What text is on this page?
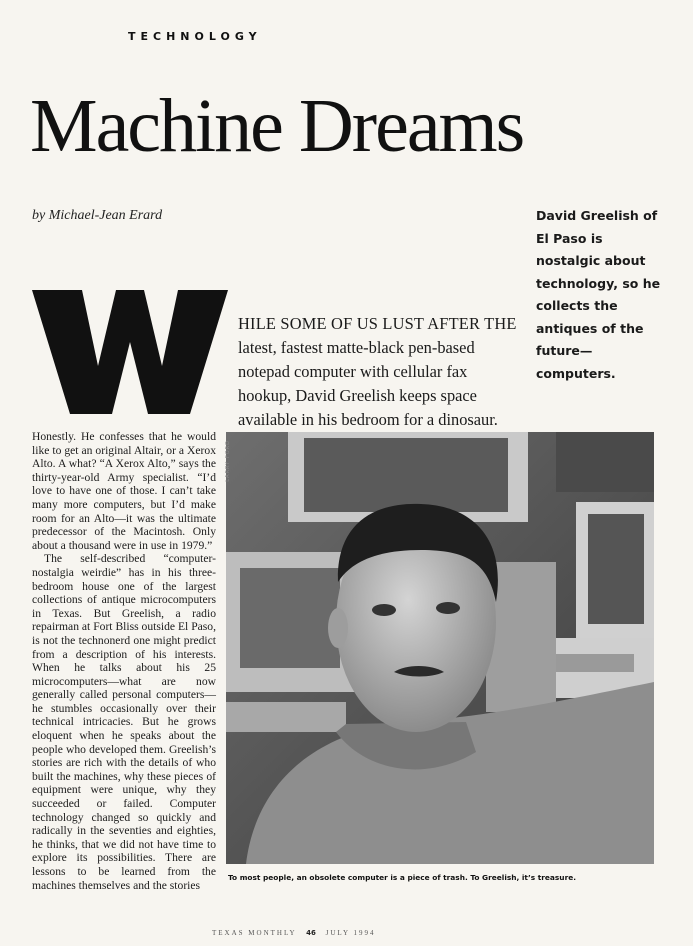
TECHNOLOGY
Machine Dreams
by Michael-Jean Erard	David Greelish of El Paso is nostalgic about technology, so he collects the antiques of the future—computers.
HILE SOME OF US LUST AFTER THE
latest, fastest matte-black pen-based
notepad computer with cellular fax
hookup, David Greelish keeps space
available in his bedroom for a dinosaur.

Honestly. He confesses that he would like to get an original Altair, or a Xerox Alto. A what? “A Xerox Alto,” says the thirty-year-old Army specialist. “I’d love to have one of those. I can’t take many more computers, but I’d make room for an Alto—it was the ultimate predecessor of the Macintosh. Only about a thousand were in use in 1979.”

The self-described “computer-nostalgia weirdie” has in his three-bedroom house one of the largest collections of antique microcomputers in Texas. But Greelish, a radio repairman at Fort Bliss outside El Paso, is not the technonerd one might predict from a description of his interests. When he talks about his 25 microcomputers—what are now generally called personal computers—he stumbles occasionally over their technical intricacies. But he grows eloquent when he speaks about the people who developed them. Greelish’s stories are rich with the details of who built the machines, why these pieces of equipment were unique, why they succeeded or failed. Computer technology changed so quickly and radically in the seventies and eighties, he thinks, that we did not have time to explore its possibilities. There are lessons to be learned from the machines themselves and the stories

LARRY FORD
To most people, an obsolete computer is a piece of trash. To Greelish, it’s treasure.
TEXAS MONTHLY 46 JULY 1994
